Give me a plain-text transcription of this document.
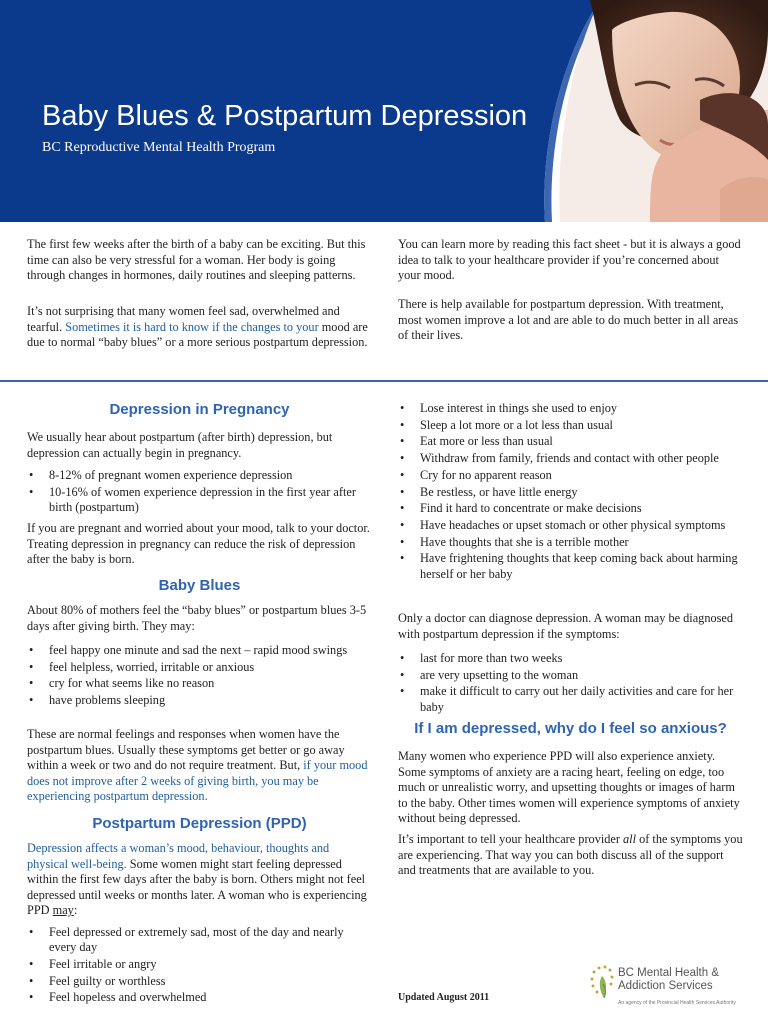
Baby Blues & Postpartum Depression
BC Reproductive Mental Health Program

The first few weeks after the birth of a baby can be exciting. But this time can also be very stressful for a woman. Her body is going through changes in hormones, daily routines and sleeping patterns.

It’s not surprising that many women feel sad, overwhelmed and tearful. Sometimes it is hard to know if the changes to your mood are due to normal “baby blues” or a more serious postpartum depression.

You can learn more by reading this fact sheet - but it is always a good idea to talk to your healthcare provider if you’re concerned about your mood.

There is help available for postpartum depression. With treatment, most women improve a lot and are able to do much better in all areas of their lives.

Depression in Pregnancy

We usually hear about postpartum (after birth) depression, but depression can actually begin in pregnancy.

• 8-12% of pregnant women experience depression
• 10-16% of women experience depression in the first year after birth (postpartum)

If you are pregnant and worried about your mood, talk to your doctor. Treating depression in pregnancy can reduce the risk of depression after the baby is born.

Baby Blues

About 80% of mothers feel the “baby blues” or postpartum blues 3-5 days after giving birth. They may:

• feel happy one minute and sad the next – rapid mood swings
• feel helpless, worried, irritable or anxious
• cry for what seems like no reason
• have problems sleeping

These are normal feelings and responses when women have the postpartum blues. Usually these symptoms get better or go away within a week or two and do not require treatment. But, if your mood does not improve after 2 weeks of giving birth, you may be experiencing postpartum depression.

Postpartum Depression (PPD)

Depression affects a woman’s mood, behaviour, thoughts and physical well-being. Some women might start feeling depressed within the first few days after the baby is born. Others might not feel depressed until weeks or months later. A woman who is experiencing PPD may:

• Feel depressed or extremely sad, most of the day and nearly every day
• Feel irritable or angry
• Feel guilty or worthless
• Feel hopeless and overwhelmed
• Lose interest in things she used to enjoy
• Sleep a lot more or a lot less than usual
• Eat more or less than usual
• Withdraw from family, friends and contact with other people
• Cry for no apparent reason
• Be restless, or have little energy
• Find it hard to concentrate or make decisions
• Have headaches or upset stomach or other physical symptoms
• Have thoughts that she is a terrible mother
• Have frightening thoughts that keep coming back about harming herself or her baby

Only a doctor can diagnose depression. A woman may be diagnosed with postpartum depression if the symptoms:

• last for more than two weeks
• are very upsetting to the woman
• make it difficult to carry out her daily activities and care for her baby
If I am depressed, why do I feel so anxious?

Many women who experience PPD will also experience anxiety. Some symptoms of anxiety are a racing heart, feeling on edge, too much or unrealistic worry, and upsetting thoughts or images of harm to the baby. Other times women will experience symptoms of anxiety without being depressed.

It’s important to tell your healthcare provider all of the symptoms you are experiencing. That way you can both discuss all of the support and treatments that are available to you.

Updated August 2011
BC Mental Health &
Addiction Services
An agency of the Provincial Health Services Authority
